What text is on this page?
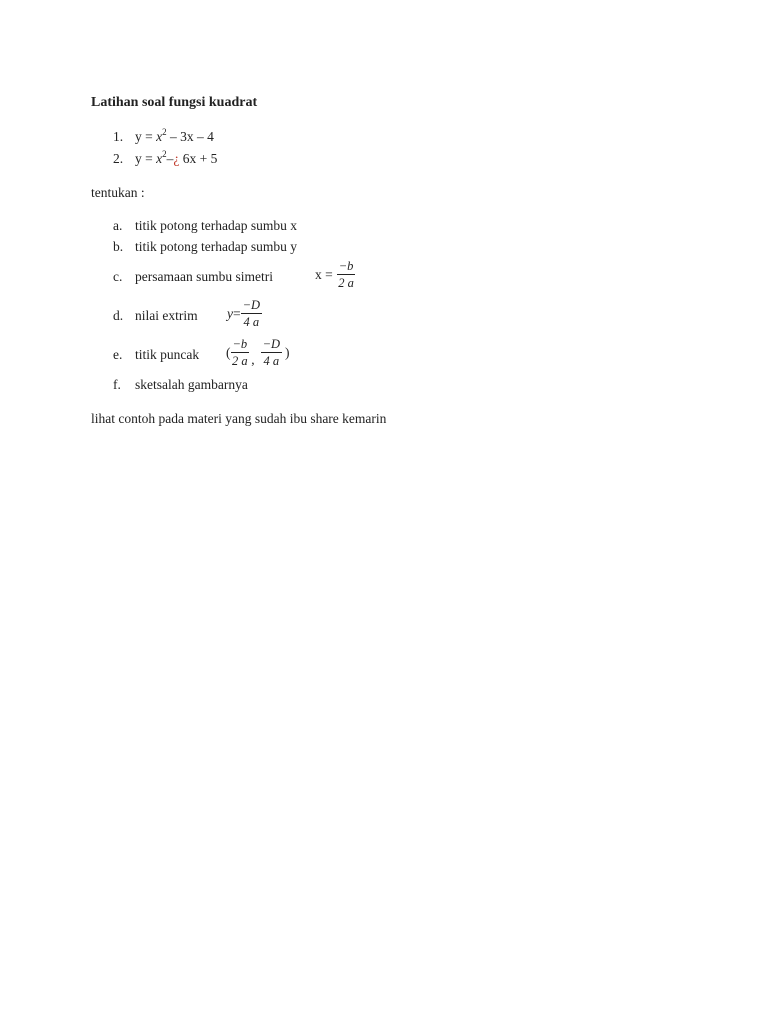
Latihan soal fungsi kuadrat
1. $y = x^2 - 3x - 4$
2. $y = x^2-¿$ 6x + 5
tentukan :
a. titik potong terhadap sumbu x
b. titik potong terhadap sumbu y
c. persamaan sumbu simetri	$x = \frac{-b}{2 a}$
d. nilai extrim $y = \frac{-D}{4 a}$
e. titik puncak ( $\frac{-b}{2 a}$ , $\frac{-D}{4 a}$ )
f. sketsalah gambarnya
lihat contoh pada materi yang sudah ibu share kemarin
